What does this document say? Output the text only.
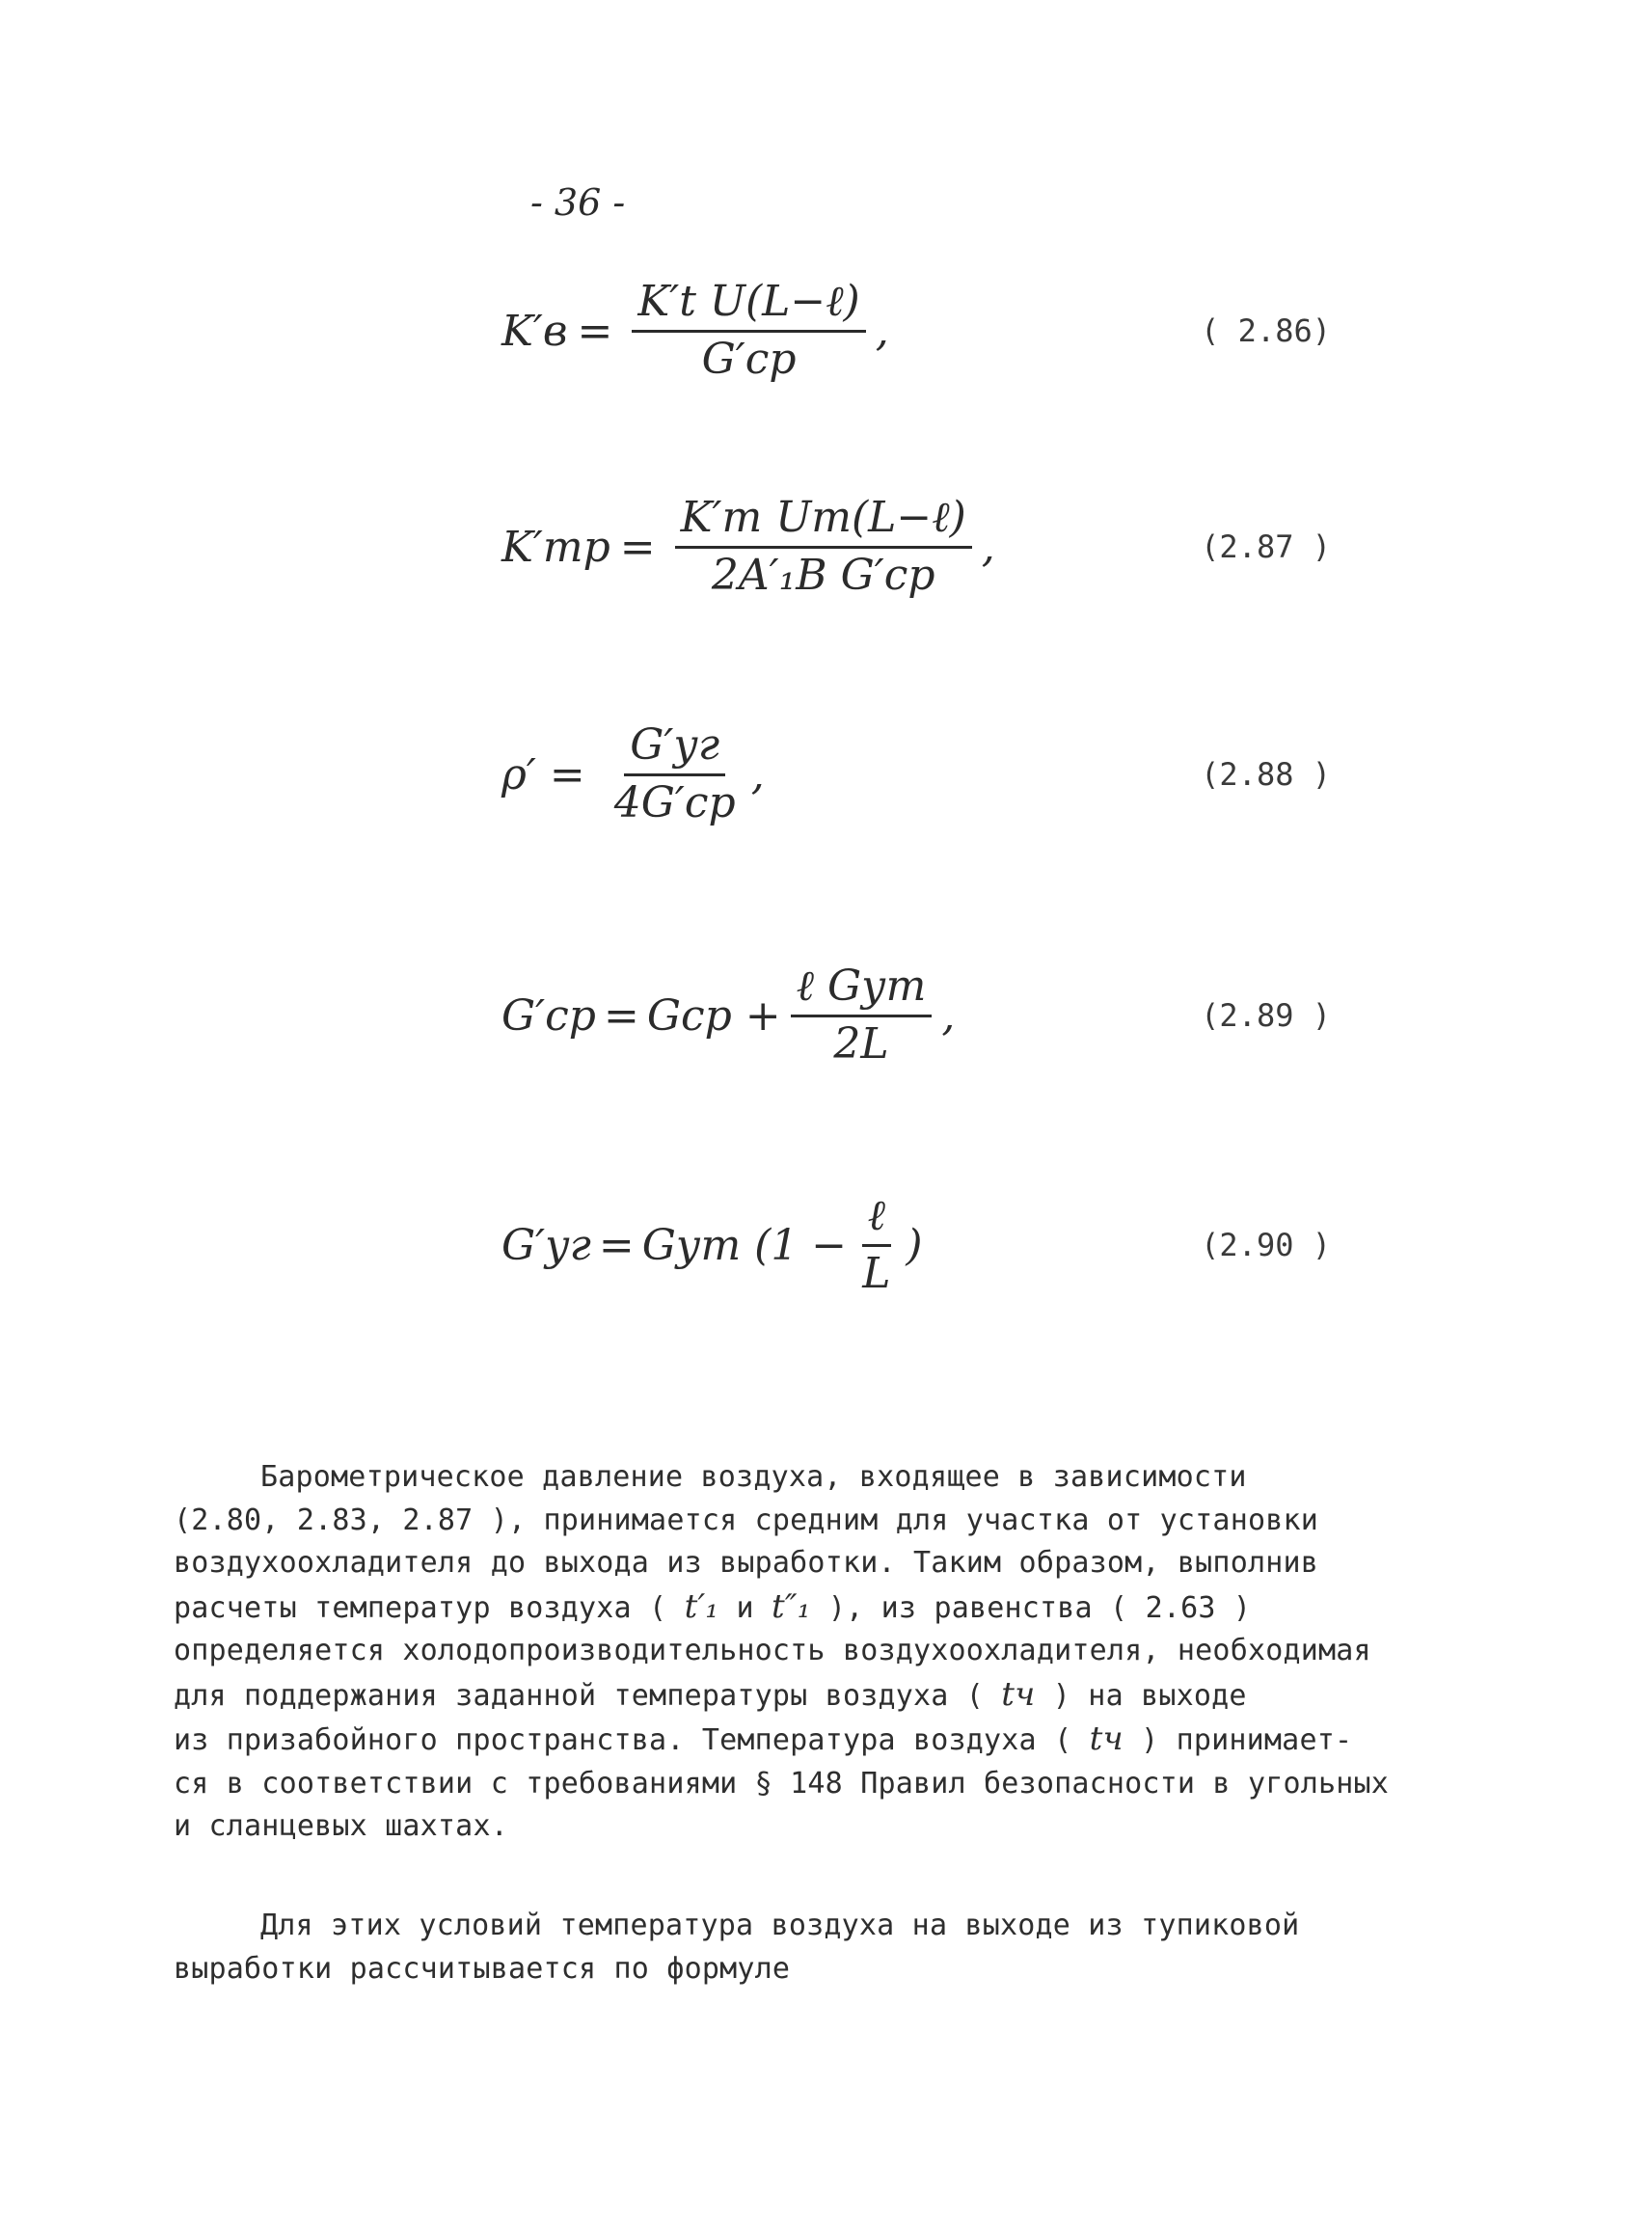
- 36 -
$K'в = \frac{\text{K′t U(L−ℓ)}}{G'ср}$ ,	( 2.86)
$K'тр = \frac{\text{K′т Uт(L−ℓ)}}{\text{2A′₁B G′ср}}$ ,	(2.87 )
$\rho' = \frac{G'уг}{4G'ср}$ ,	(2.88 )
G′ср = Gср + $\frac{\text{ℓ Gут}}{2L}$ ,	(2.89 )
G′уг = Gут ($1 - \frac{\text{ℓ}}{L}$ )	(2.90 )
Барометрическое давление воздуха, входящее в зависимости
(2.80, 2.83, 2.87 ), принимается средним для участка от установки
воздухоохладителя до выхода из выработки. Таким образом, выполнив
расчеты температур воздуха ( t′₁ и t″₁ ), из равенства ( 2.63 )
определяется холодопроизводительность воздухоохладителя, необходимая
для поддержания заданной температуры воздуха ( tч ) на выходе
из призабойного пространства. Температура воздуха ( tч ) принимает-
ся в соответствии с требованиями § 148 Правил безопасности в угольных
и сланцевых шахтах.
Для этих условий температура воздуха на выходе из тупиковой
выработки рассчитывается по формуле
